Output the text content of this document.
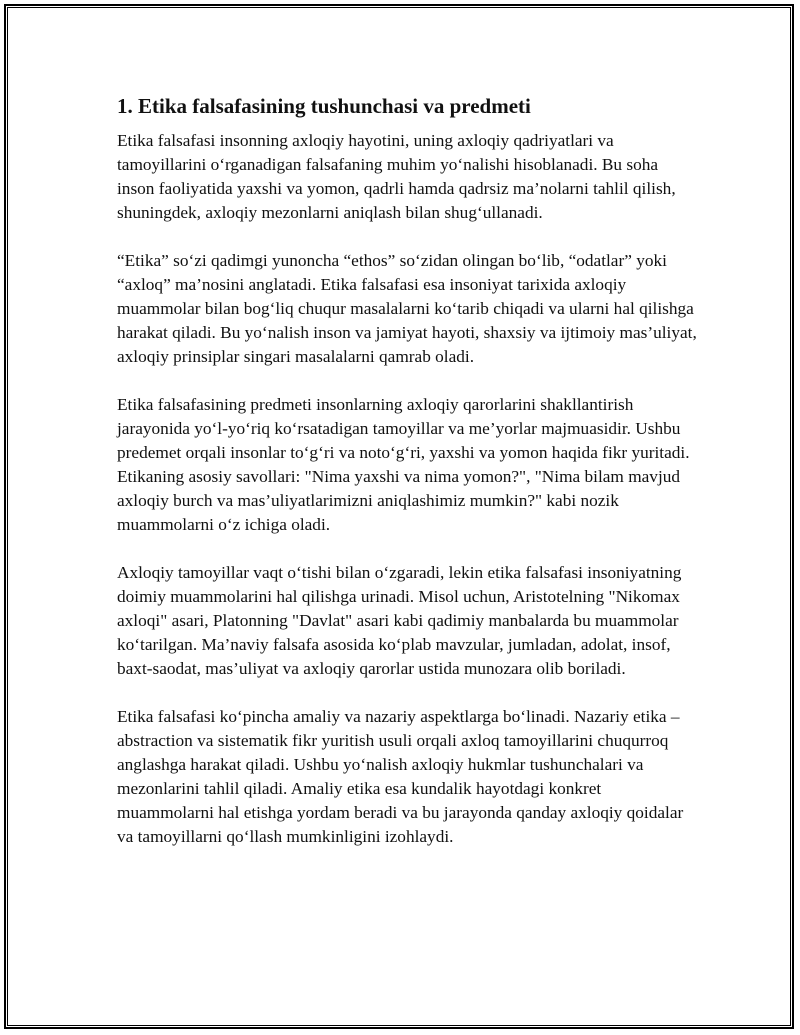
1. Etika falsafasining tushunchasi va predmeti

Etika falsafasi insonning axloqiy hayotini, uning axloqiy qadriyatlari va tamoyillarini o‘rganadigan falsafaning muhim yo‘nalishi hisoblanadi. Bu soha inson faoliyatida yaxshi va yomon, qadrli hamda qadrsiz ma’nolarni tahlil qilish, shuningdek, axloqiy mezonlarni aniqlash bilan shug‘ullanadi.

“Etika” so‘zi qadimgi yunoncha “ethos” so‘zidan olingan bo‘lib, “odatlar” yoki “axloq” ma’nosini anglatadi. Etika falsafasi esa insoniyat tarixida axloqiy muammolar bilan bog‘liq chuqur masalalarni ko‘tarib chiqadi va ularni hal qilishga harakat qiladi. Bu yo‘nalish inson va jamiyat hayoti, shaxsiy va ijtimoiy mas’uliyat, axloqiy prinsiplar singari masalalarni qamrab oladi.

Etika falsafasining predmeti insonlarning axloqiy qarorlarini shakllantirish jarayonida yo‘l-yo‘riq ko‘rsatadigan tamoyillar va me’yorlar majmuasidir. Ushbu predemet orqali insonlar to‘g‘ri va noto‘g‘ri, yaxshi va yomon haqida fikr yuritadi. Etikaning asosiy savollari: "Nima yaxshi va nima yomon?", "Nima bilam mavjud axloqiy burch va mas’uliyatlarimizni aniqlashimiz mumkin?" kabi nozik muammolarni o‘z ichiga oladi.

Axloqiy tamoyillar vaqt o‘tishi bilan o‘zgaradi, lekin etika falsafasi insoniyatning doimiy muammolarini hal qilishga urinadi. Misol uchun, Aristotelning "Nikomax axloqi" asari, Platonning "Davlat" asari kabi qadimiy manbalarda bu muammolar ko‘tarilgan. Ma’naviy falsafa asosida ko‘plab mavzular, jumladan, adolat, insof, baxt-saodat, mas’uliyat va axloqiy qarorlar ustida munozara olib boriladi.

Etika falsafasi ko‘pincha amaliy va nazariy aspektlarga bo‘linadi. Nazariy etika – abstraction va sistematik fikr yuritish usuli orqali axloq tamoyillarini chuqurroq anglashga harakat qiladi. Ushbu yo‘nalish axloqiy hukmlar tushunchalari va mezonlarini tahlil qiladi. Amaliy etika esa kundalik hayotdagi konkret muammolarni hal etishga yordam beradi va bu jarayonda qanday axloqiy qoidalar va tamoyillarni qo‘llash mumkinligini izohlaydi.
